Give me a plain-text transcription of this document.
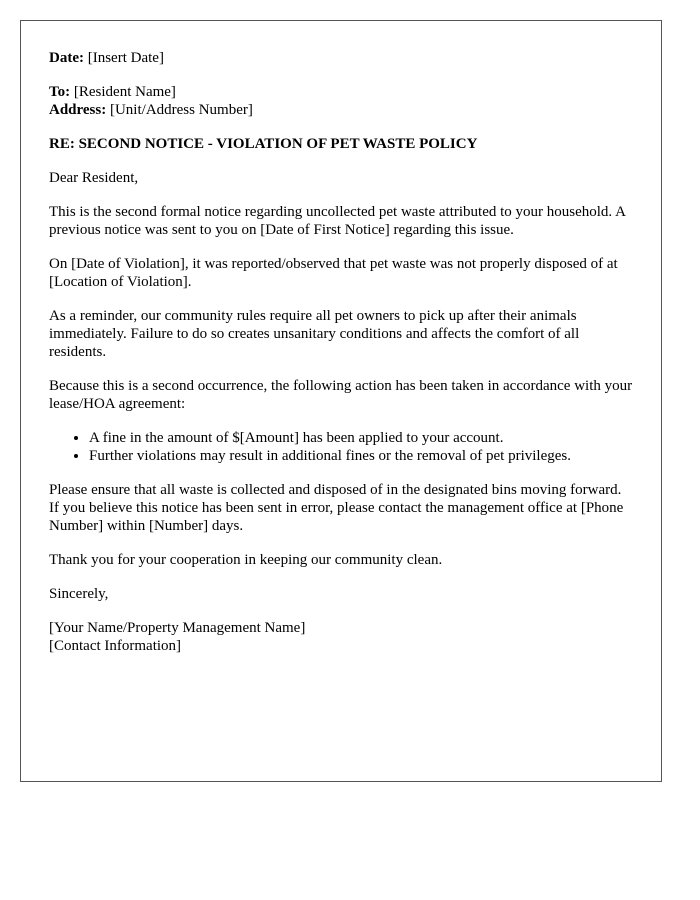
Date: [Insert Date]
To: [Resident Name]
Address: [Unit/Address Number]
RE: SECOND NOTICE - VIOLATION OF PET WASTE POLICY

Dear Resident,

This is the second formal notice regarding uncollected pet waste attributed to your household. A previous notice was sent to you on [Date of First Notice] regarding this issue.

On [Date of Violation], it was reported/observed that pet waste was not properly disposed of at [Location of Violation].

As a reminder, our community rules require all pet owners to pick up after their animals immediately. Failure to do so creates unsanitary conditions and affects the comfort of all residents.

Because this is a second occurrence, the following action has been taken in accordance with your lease/HOA agreement:

• A fine in the amount of $[Amount] has been applied to your account.
• Further violations may result in additional fines or the removal of pet privileges.

Please ensure that all waste is collected and disposed of in the designated bins moving forward. If you believe this notice has been sent in error, please contact the management office at [Phone Number] within [Number] days.

Thank you for your cooperation in keeping our community clean.

Sincerely,

[Your Name/Property Management Name]
[Contact Information]
